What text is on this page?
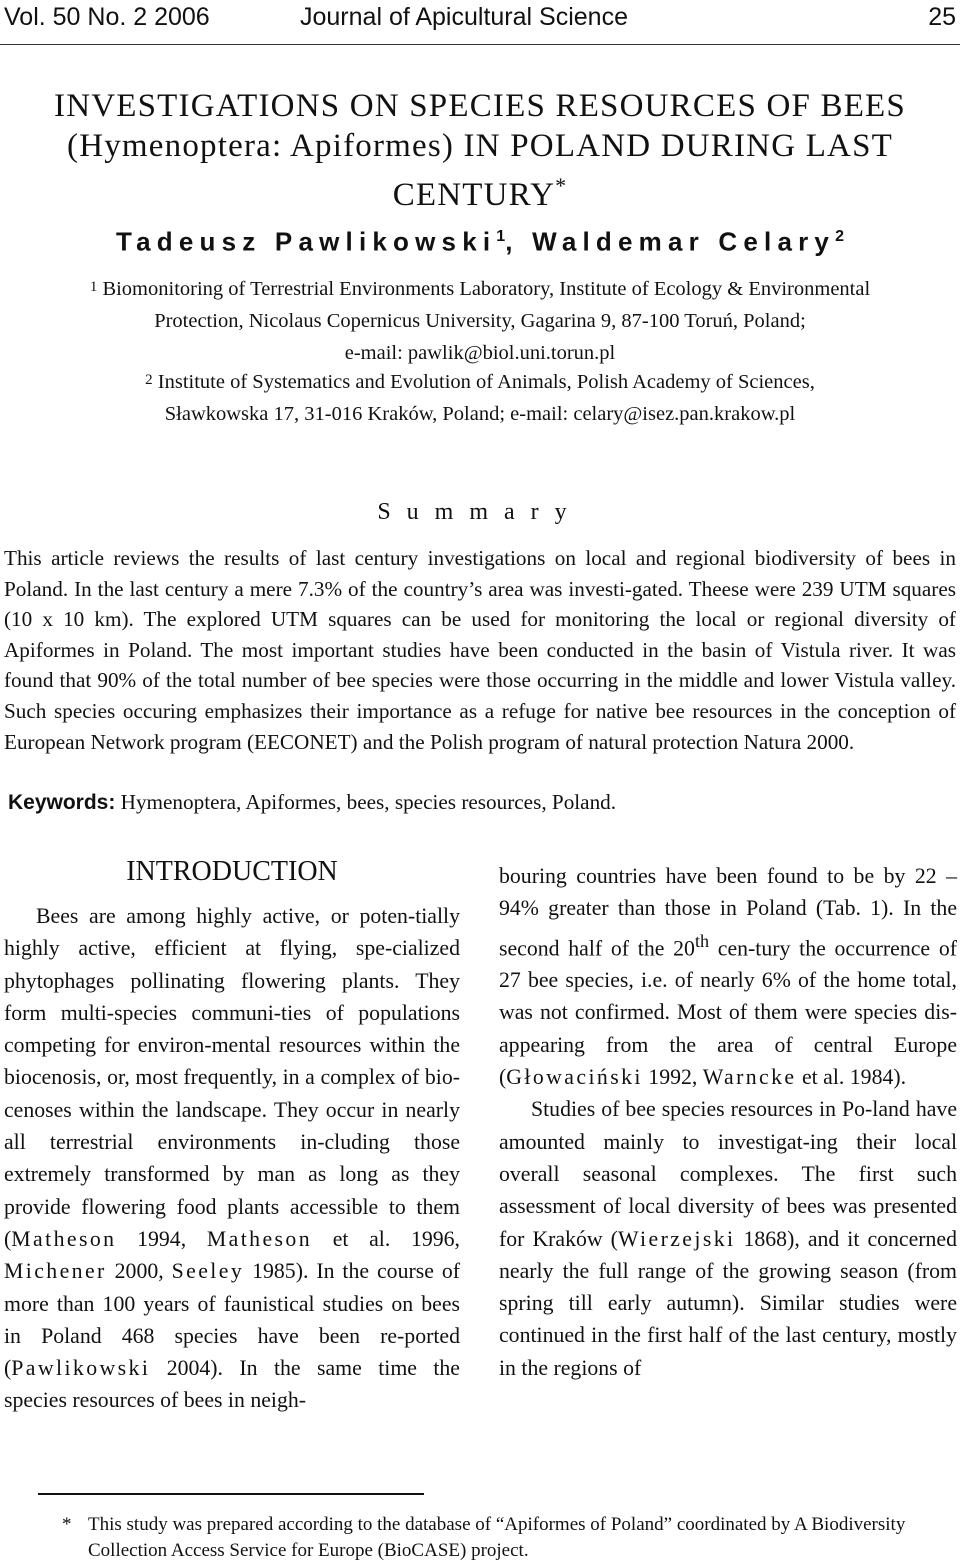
Vol. 50 No. 2 2006	Journal of Apicultural Science	25
INVESTIGATIONS ON SPECIES RESOURCES OF BEES
(Hymenoptera: Apiformes) IN POLAND DURING LAST
CENTURY*
Tadeusz Pawlikowski$^1$, Waldemar Celary$^2$
$^1$ Biomonitoring of Terrestrial Environments Laboratory, Institute of Ecology & Environmental
Protection, Nicolaus Copernicus University, Gagarina 9, 87-100 Toruń, Poland;
e-mail: pawlik@biol.uni.torun.pl
$^2$ Institute of Systematics and Evolution of Animals, Polish Academy of Sciences,
Sławkowska 17, 31-016 Kraków, Poland; e-mail: celary@isez.pan.krakow.pl
Summary
This article reviews the results of last century investigations on local and regional biodiversity of bees in Poland. In the last century a mere 7.3% of the country’s area was investi-gated. Theese were 239 UTM squares (10 x 10 km). The explored UTM squares can be used for monitoring the local or regional diversity of Apiformes in Poland. The most important studies have been conducted in the basin of Vistula river. It was found that 90% of the total number of bee species were those occurring in the middle and lower Vistula valley. Such species occuring emphasizes their importance as a refuge for native bee resources in the conception of European Network program (EECONET) and the Polish program of natural protection Natura 2000.
Keywords: Hymenoptera, Apiformes, bees, species resources, Poland.
INTRODUCTION

Bees are among highly active, or poten-tially highly active, efficient at flying, spe-cialized phytophages pollinating flowering plants. They form multi-species communi-ties of populations competing for environ-mental resources within the biocenosis, or, most frequently, in a complex of bio-cenoses within the landscape. They occur in nearly all terrestrial environments in-cluding those extremely transformed by man as long as they provide flowering food plants accessible to them (Matheson 1994, Matheson et al. 1996, Michener 2000, Seeley 1985). In the course of more than 100 years of faunistical studies on bees in Poland 468 species have been re-ported (Pawlikowski 2004). In the same time the species resources of bees in neigh-

bouring countries have been found to be by 22 – 94% greater than those in Poland (Tab. 1). In the second half of the 20th cen-tury the occurrence of 27 bee species, i.e. of nearly 6% of the home total, was not confirmed. Most of them were species dis-appearing from the area of central Europe (Głowaciński 1992, Warncke et al. 1984).

Studies of bee species resources in Po-land have amounted mainly to investigat-ing their local overall seasonal complexes. The first such assessment of local diversity of bees was presented for Kraków (Wierzejski 1868), and it concerned nearly the full range of the growing season (from spring till early autumn). Similar studies were continued in the first half of the last century, mostly in the regions of

* This study was prepared according to the database of “Apiformes of Poland” coordinated by A Biodiversity Collection Access Service for Europe (BioCASE) project.
